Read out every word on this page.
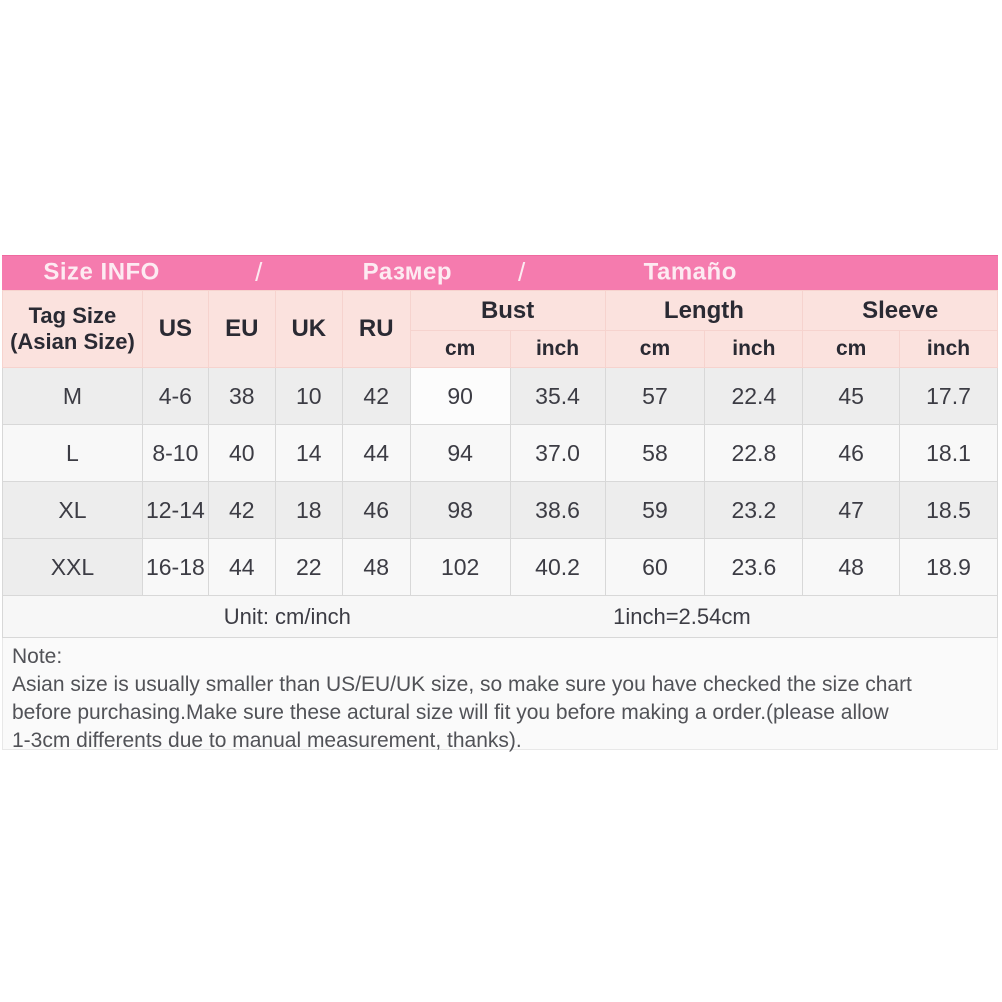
Size INFO	/	Размер	/	Tamaño
Tag Size
(Asian Size)	US	EU	UK	RU	Bust		Length		Sleeve	
					cm	inch	cm	inch	cm	inch
M	4-6	38	10	42	90	35.4	57	22.4	45	17.7
L	8-10	40	14	44	94	37.0	58	22.8	46	18.1
XL	12-14	42	18	46	98	38.6	59	23.2	47	18.5
XXL	16-18	44	22	48	102	40.2	60	23.6	48	18.9
Unit: cm/inch	1inch=2.54cm
Note:
Asian size is usually smaller than US/EU/UK size, so make sure you have checked the size chart
before purchasing.Make sure these actural size will fit you before making a order.(please allow
1-3cm differents due to manual measurement, thanks).
